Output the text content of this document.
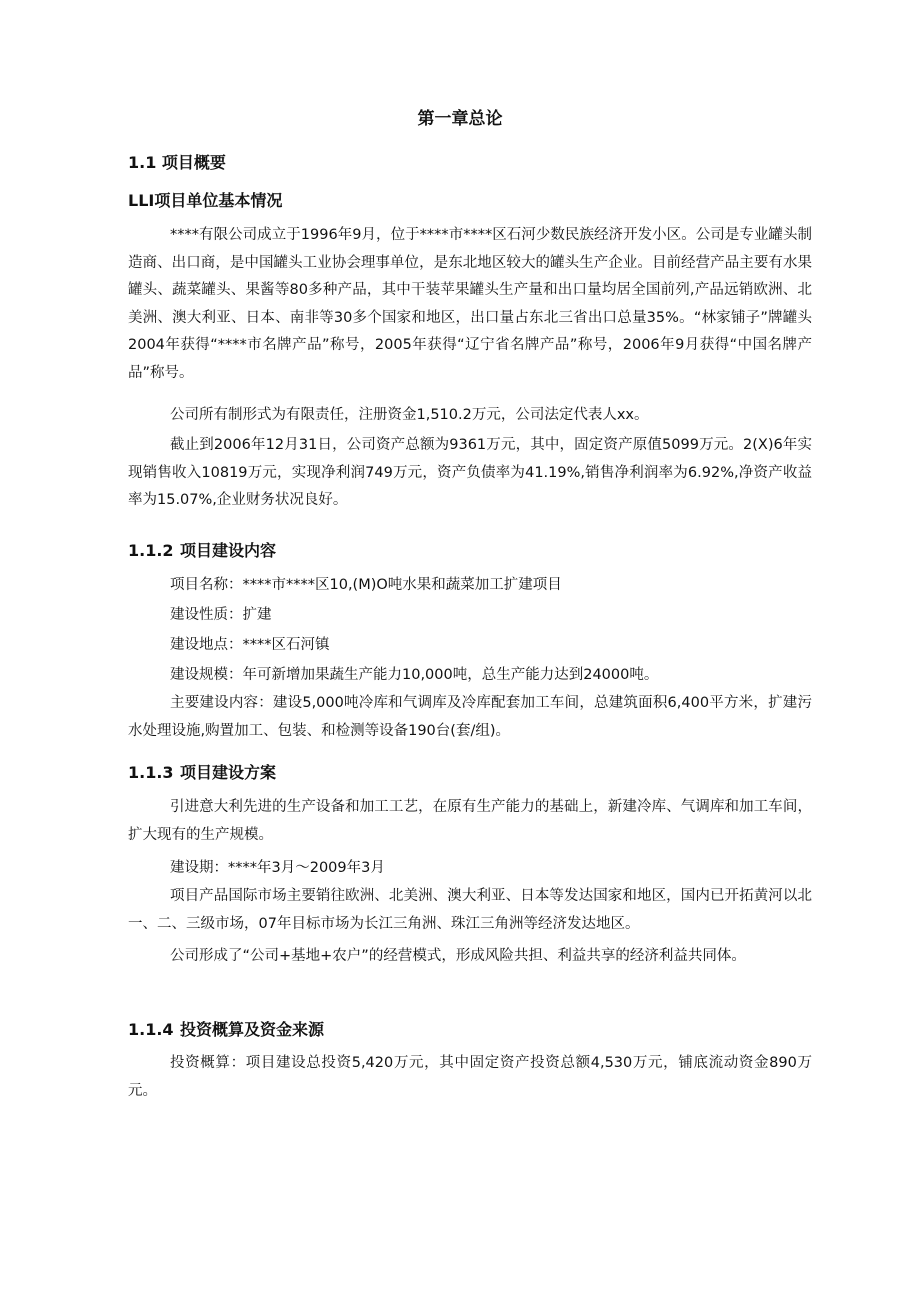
第一章总论
1.1 项目概要
LLI项目单位基本情况

****有限公司成立于1996年9月，位于****市****区石河少数民族经济开发小区。公司是专业罐头制造商、出口商，是中国罐头工业协会理事单位，是东北地区较大的罐头生产企业。目前经营产品主要有水果罐头、蔬菜罐头、果酱等80多种产品，其中干装苹果罐头生产量和出口量均居全国前列,产品远销欧洲、北美洲、澳大利亚、日本、南非等30多个国家和地区，出口量占东北三省出口总量35%。“林家铺子”牌罐头2004年获得“****市名牌产品”称号，2005年获得“辽宁省名牌产品”称号，2006年9月获得“中国名牌产品”称号。

公司所有制形式为有限责任，注册资金1,510.2万元，公司法定代表人xx。

截止到2006年12月31日，公司资产总额为9361万元，其中，固定资产原值5099万元。2(X)6年实现销售收入10819万元，实现净利润749万元，资产负债率为41.19%,销售净利润率为6.92%,净资产收益率为15.07%,企业财务状况良好。

1.1.2 项目建设内容

项目名称：****市****区10,(M)O吨水果和蔬菜加工扩建项目

建设性质：扩建

建设地点：****区石河镇

建设规模：年可新增加果蔬生产能力10,000吨，总生产能力达到24000吨。

主要建设内容：建设5,000吨冷库和气调库及冷库配套加工车间，总建筑面积6,400平方米，扩建污水处理设施,购置加工、包装、和检测等设备190台(套/组)。

1.1.3 项目建设方案

引进意大利先进的生产设备和加工工艺，在原有生产能力的基础上，新建冷库、气调库和加工车间，扩大现有的生产规模。

建设期：****年3月～2009年3月

项目产品国际市场主要销往欧洲、北美洲、澳大利亚、日本等发达国家和地区，国内已开拓黄河以北一、二、三级市场，07年目标市场为长江三角洲、珠江三角洲等经济发达地区。

公司形成了“公司+基地+农户”的经营模式，形成风险共担、利益共享的经济利益共同体。

1.1.4 投资概算及资金来源

投资概算：项目建设总投资5,420万元，其中固定资产投资总额4,530万元，铺底流动资金890万元。
